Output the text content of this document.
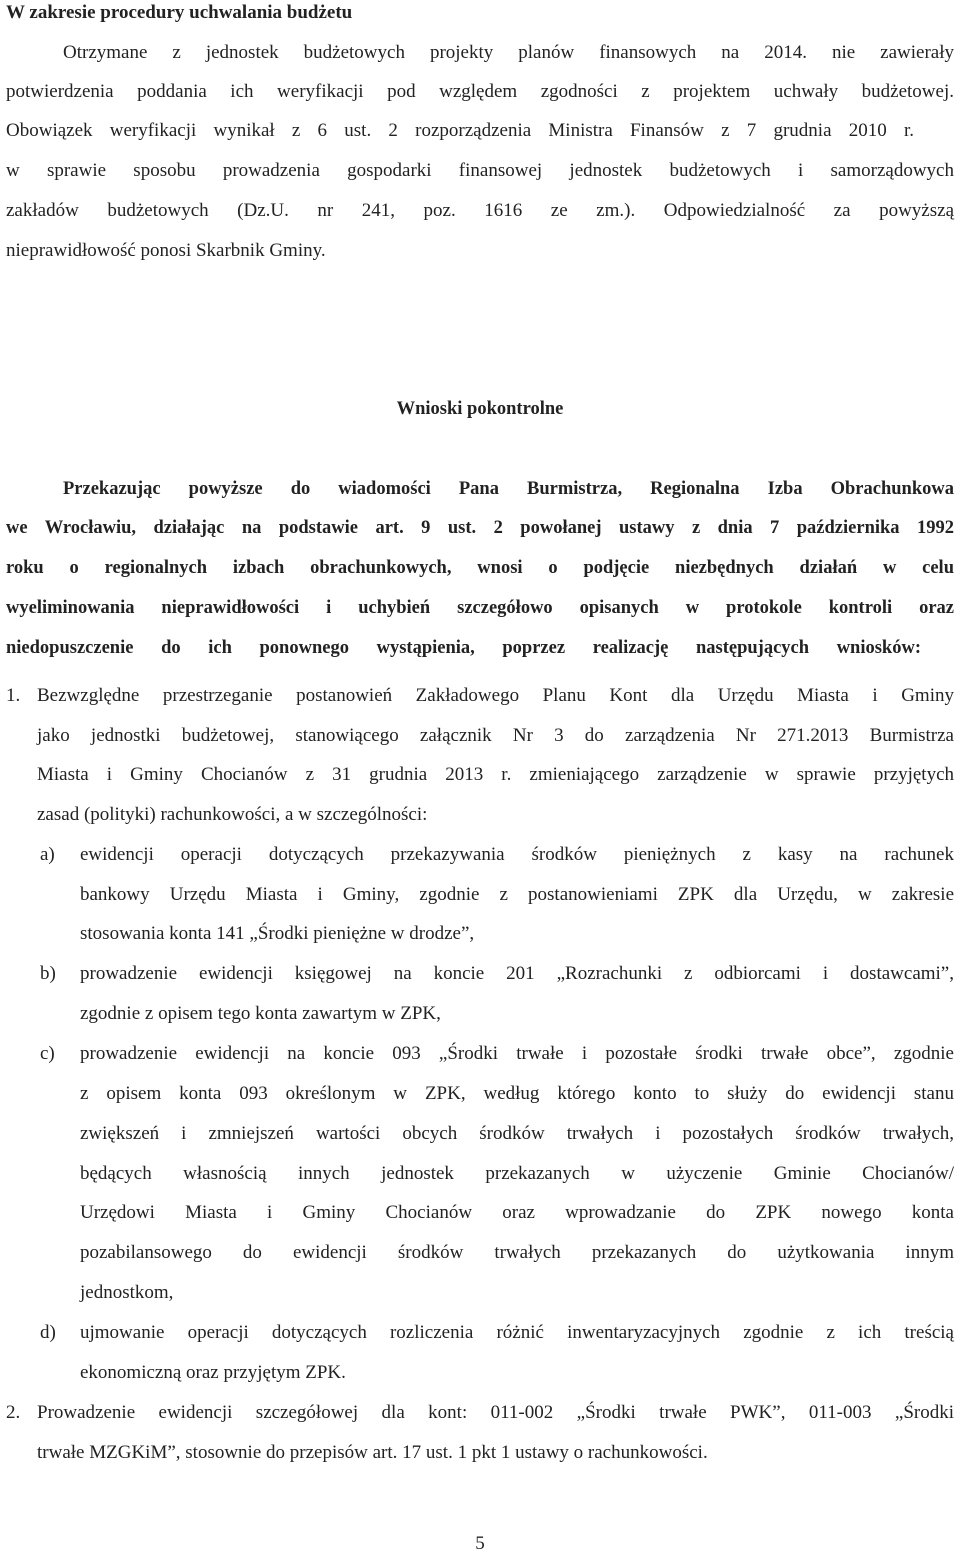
W zakresie procedury uchwalania budżetu
Otrzymane z jednostek budżetowych projekty planów finansowych na 2014. nie zawierały
potwierdzenia poddania ich weryfikacji pod względem zgodności z projektem uchwały budżetowej.
Obowiązek weryfikacji wynikał z 6 ust. 2 rozporządzenia Ministra Finansów z 7 grudnia 2010 r.
w sprawie sposobu prowadzenia gospodarki finansowej jednostek budżetowych i samorządowych
zakładów budżetowych (Dz.U. nr 241, poz. 1616 ze zm.). Odpowiedzialność za powyższą
nieprawidłowość ponosi Skarbnik Gminy.
Wnioski pokontrolne
Przekazując powyższe do wiadomości Pana Burmistrza, Regionalna Izba Obrachunkowa
we Wrocławiu, działając na podstawie art. 9 ust. 2 powołanej ustawy z dnia 7 października 1992
roku o regionalnych izbach obrachunkowych, wnosi o podjęcie niezbędnych działań w celu
wyeliminowania nieprawidłowości i uchybień szczegółowo opisanych w protokole kontroli oraz
niedopuszczenie do ich ponownego wystąpienia, poprzez realizację następujących wniosków:
1. Bezwzględne przestrzeganie postanowień Zakładowego Planu Kont dla Urzędu Miasta i Gminy
jako jednostki budżetowej, stanowiącego załącznik Nr 3 do zarządzenia Nr 271.2013 Burmistrza
Miasta i Gminy Chocianów z 31 grudnia 2013 r. zmieniającego zarządzenie w sprawie przyjętych
zasad (polityki) rachunkowości, a w szczególności:
a)	ewidencji operacji dotyczących przekazywania środków pieniężnych z kasy na rachunek
bankowy Urzędu Miasta i Gminy, zgodnie z postanowieniami ZPK dla Urzędu, w zakresie
stosowania konta 141 „Środki pieniężne w drodze”,
b)	prowadzenie ewidencji księgowej na koncie 201 „Rozrachunki z odbiorcami i dostawcami”,
zgodnie z opisem tego konta zawartym w ZPK,
c)	prowadzenie ewidencji na koncie 093 „Środki trwałe i pozostałe środki trwałe obce”, zgodnie
z opisem konta 093 określonym w ZPK, według którego konto to służy do ewidencji stanu
zwiększeń i zmniejszeń wartości obcych środków trwałych i pozostałych środków trwałych,
będących własnością innych jednostek przekazanych w użyczenie Gminie Chocianów/
Urzędowi Miasta i Gminy Chocianów oraz wprowadzanie do ZPK nowego konta
pozabilansowego do ewidencji środków trwałych przekazanych do użytkowania innym
jednostkom,
d)	ujmowanie operacji dotyczących rozliczenia różnić inwentaryzacyjnych zgodnie z ich treścią
ekonomiczną oraz przyjętym ZPK.
2. Prowadzenie ewidencji szczegółowej dla kont: 011-002 „Środki trwałe PWK”, 011-003 „Środki
trwałe MZGKiM”, stosownie do przepisów art. 17 ust. 1 pkt 1 ustawy o rachunkowości.
5
